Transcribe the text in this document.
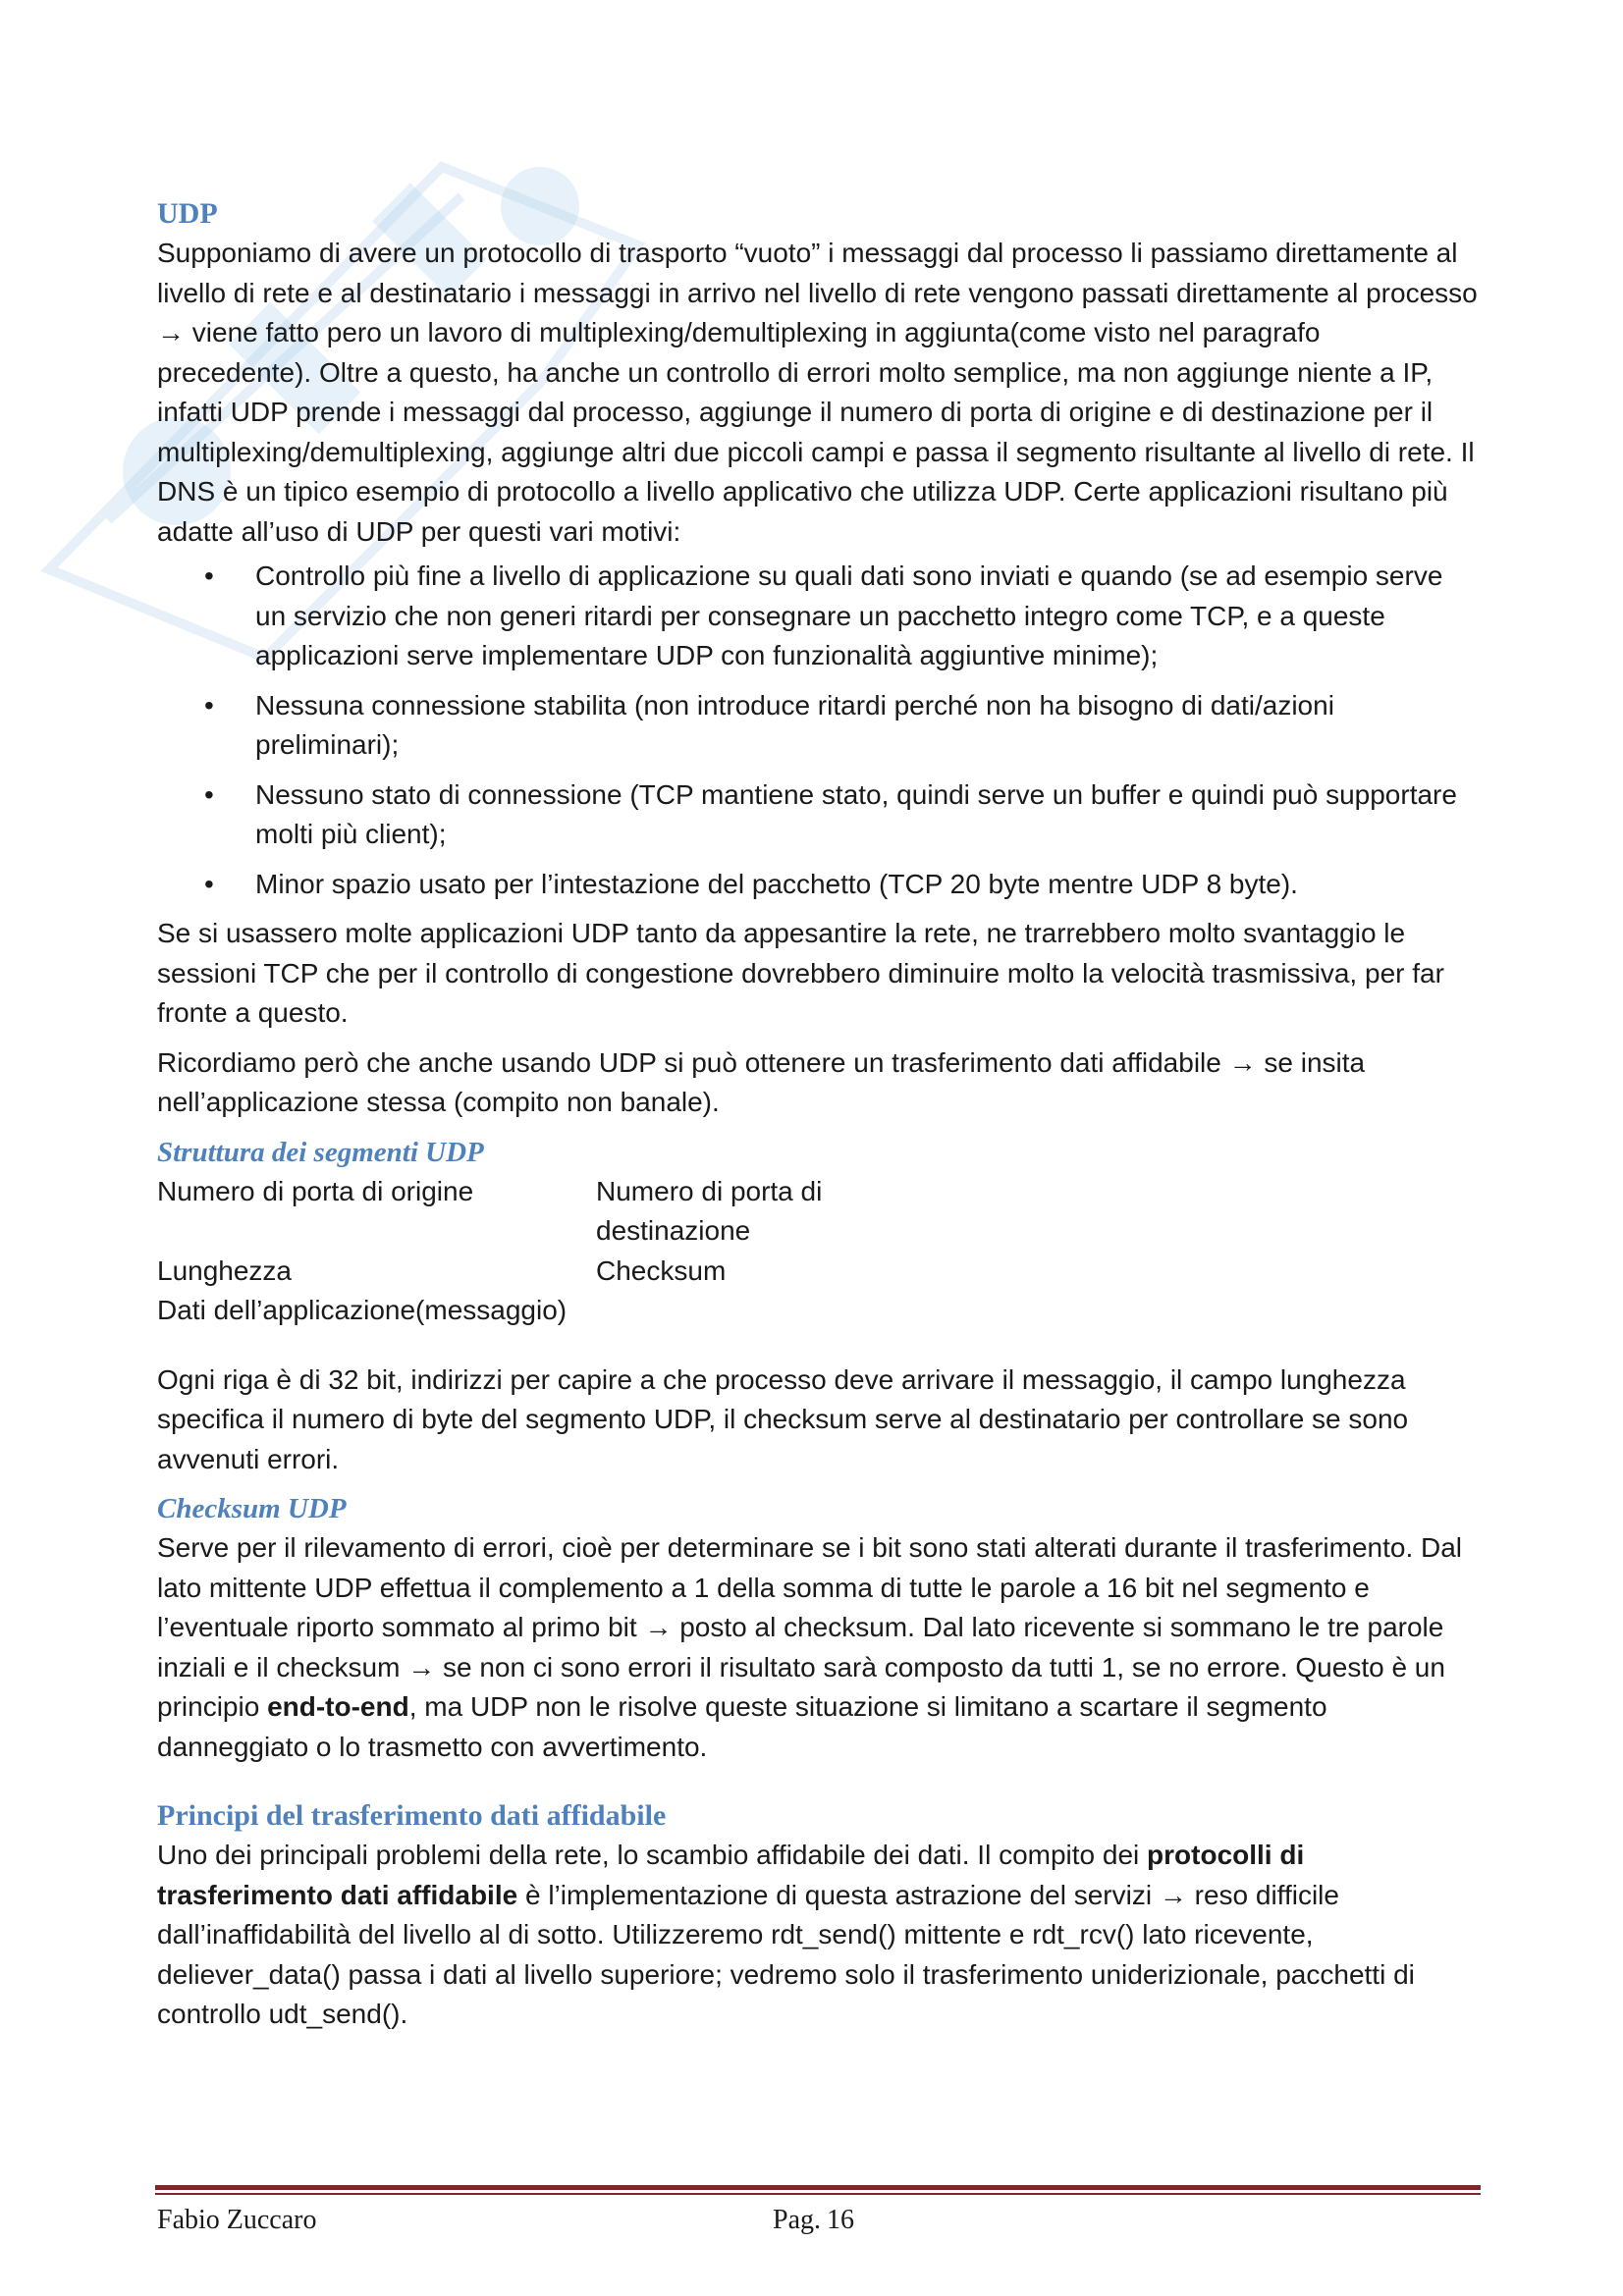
UDP

Supponiamo di avere un protocollo di trasporto “vuoto” i messaggi dal processo li passiamo direttamente al livello di rete e al destinatario i messaggi in arrivo nel livello di rete vengono passati direttamente al processo → viene fatto pero un lavoro di multiplexing/demultiplexing in aggiunta(come visto nel paragrafo precedente). Oltre a questo, ha anche un controllo di errori molto semplice, ma non aggiunge niente a IP, infatti UDP prende i messaggi dal processo, aggiunge il numero di porta di origine e di destinazione per il multiplexing/demultiplexing, aggiunge altri due piccoli campi e passa il segmento risultante al livello di rete. Il DNS è un tipico esempio di protocollo a livello applicativo che utilizza UDP. Certe applicazioni risultano più adatte all’uso di UDP per questi vari motivi:

• Controllo più fine a livello di applicazione su quali dati sono inviati e quando (se ad esempio serve un servizio che non generi ritardi per consegnare un pacchetto integro come TCP, e a queste applicazioni serve implementare UDP con funzionalità aggiuntive minime);
• Nessuna connessione stabilita (non introduce ritardi perché non ha bisogno di dati/azioni preliminari);
• Nessuno stato di connessione (TCP mantiene stato, quindi serve un buffer e quindi può supportare molti più client);
• Minor spazio usato per l’intestazione del pacchetto (TCP 20 byte mentre UDP 8 byte).

Se si usassero molte applicazioni UDP tanto da appesantire la rete, ne trarrebbero molto svantaggio le sessioni TCP che per il controllo di congestione dovrebbero diminuire molto la velocità trasmissiva, per far fronte a questo.

Ricordiamo però che anche usando UDP si può ottenere un trasferimento dati affidabile → se insita nell’applicazione stessa (compito non banale).

Struttura dei segmenti UDP
Numero di porta di origine	Numero di porta di destinazione
Lunghezza	Checksum
Dati dell’applicazione(messaggio)

Ogni riga è di 32 bit, indirizzi per capire a che processo deve arrivare il messaggio, il campo lunghezza specifica il numero di byte del segmento UDP, il checksum serve al destinatario per controllare se sono avvenuti errori.

Checksum UDP

Serve per il rilevamento di errori, cioè per determinare se i bit sono stati alterati durante il trasferimento. Dal lato mittente UDP effettua il complemento a 1 della somma di tutte le parole a 16 bit nel segmento e l’eventuale riporto sommato al primo bit → posto al checksum. Dal lato ricevente si sommano le tre parole inziali e il checksum → se non ci sono errori il risultato sarà composto da tutti 1, se no errore. Questo è un principio end-to-end, ma UDP non le risolve queste situazione si limitano a scartare il segmento danneggiato o lo trasmetto con avvertimento.

Principi del trasferimento dati affidabile

Uno dei principali problemi della rete, lo scambio affidabile dei dati. Il compito dei protocolli di trasferimento dati affidabile è l’implementazione di questa astrazione del servizi → reso difficile dall’inaffidabilità del livello al di sotto. Utilizzeremo rdt_send() mittente e rdt_rcv() lato ricevente, deliever_data() passa i dati al livello superiore; vedremo solo il trasferimento uniderizionale, pacchetti di controllo udt_send().

Fabio Zuccaro	Pag. 16
